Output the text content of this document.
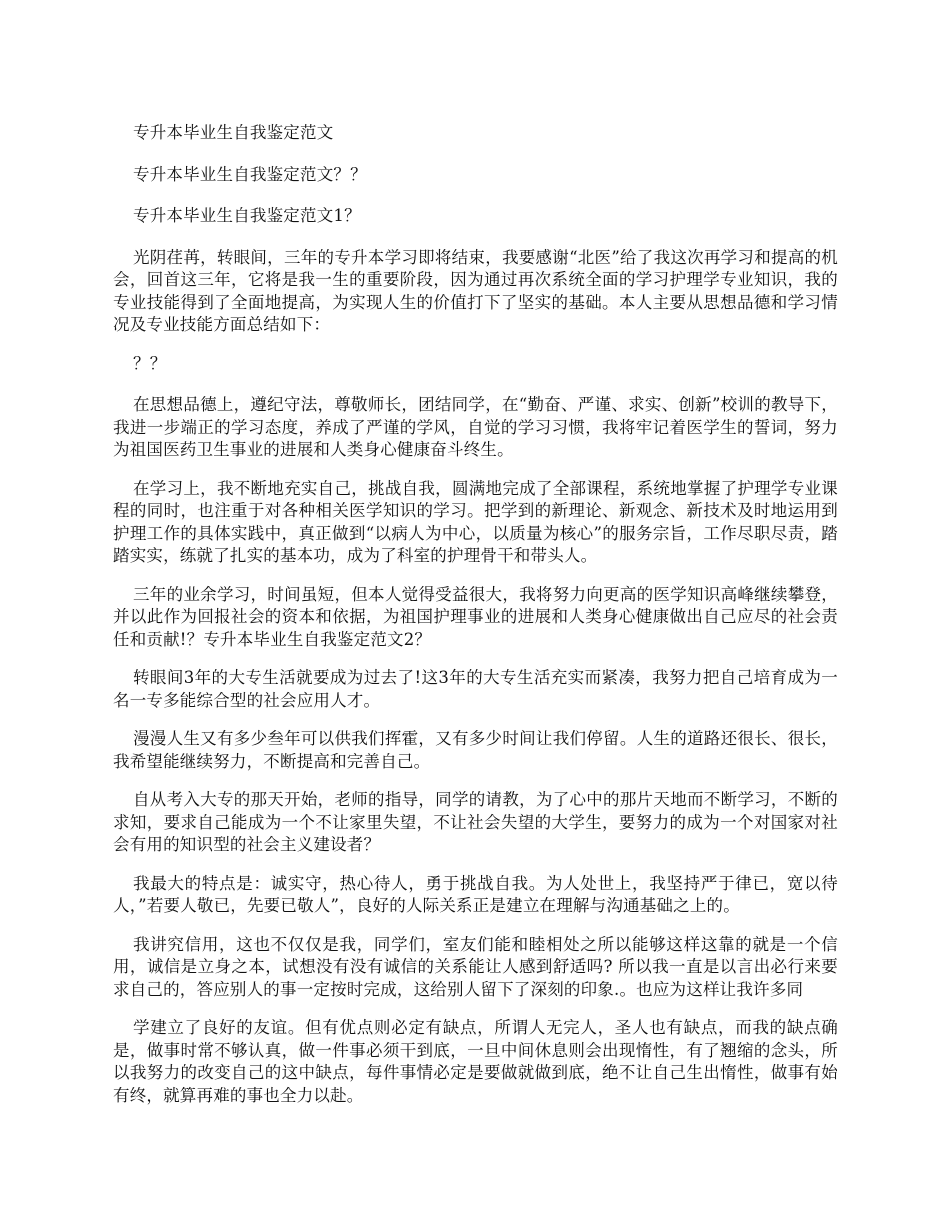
专升本毕业生自我鉴定范文

专升本毕业生自我鉴定范文？？

专升本毕业生自我鉴定范文1？

光阴荏苒，转眼间，三年的专升本学习即将结束，我要感谢“北医”给了我这次再学习和提高的机会，回首这三年，它将是我一生的重要阶段，因为通过再次系统全面的学习护理学专业知识，我的专业技能得到了全面地提高，为实现人生的价值打下了坚实的基础。本人主要从思想品德和学习情况及专业技能方面总结如下：

？？

在思想品德上，遵纪守法，尊敬师长，团结同学，在“勤奋、严谨、求实、创新”校训的教导下，我进一步端正的学习态度，养成了严谨的学风，自觉的学习习惯，我将牢记着医学生的誓词，努力为祖国医药卫生事业的进展和人类身心健康奋斗终生。

在学习上，我不断地充实自己，挑战自我，圆满地完成了全部课程，系统地掌握了护理学专业课程的同时，也注重于对各种相关医学知识的学习。把学到的新理论、新观念、新技术及时地运用到护理工作的具体实践中，真正做到“以病人为中心，以质量为核心”的服务宗旨，工作尽职尽责，踏踏实实，练就了扎实的基本功，成为了科室的护理骨干和带头人。

三年的业余学习，时间虽短，但本人觉得受益很大，我将努力向更高的医学知识高峰继续攀登，并以此作为回报社会的资本和依据，为祖国护理事业的进展和人类身心健康做出自己应尽的社会责任和贡献!？专升本毕业生自我鉴定范文2？

转眼间3年的大专生活就要成为过去了!这3年的大专生活充实而紧凑，我努力把自己培育成为一名一专多能综合型的社会应用人才。

漫漫人生又有多少叁年可以供我们挥霍，又有多少时间让我们停留。人生的道路还很长、很长，我希望能继续努力，不断提高和完善自己。

自从考入大专的那天开始，老师的指导，同学的请教，为了心中的那片天地而不断学习，不断的求知，要求自己能成为一个不让家里失望，不让社会失望的大学生，要努力的成为一个对国家对社会有用的知识型的社会主义建设者？

我最大的特点是：诚实守，热心待人，勇于挑战自我。为人处世上，我坚持严于律已，宽以待人，”若要人敬已，先要已敬人”，良好的人际关系正是建立在理解与沟通基础之上的。

我讲究信用，这也不仅仅是我，同学们，室友们能和睦相处之所以能够这样这靠的就是一个信用，诚信是立身之本，试想没有没有诚信的关系能让人感到舒适吗? 所以我一直是以言出必行来要求自己的，答应别人的事一定按时完成，这给别人留下了深刻的印象.。也应为这样让我许多同

学建立了良好的友谊。但有优点则必定有缺点，所谓人无完人，圣人也有缺点，而我的缺点确是，做事时常不够认真，做一件事必须干到底，一旦中间休息则会出现惰性，有了翘缩的念头，所以我努力的改变自己的这中缺点，每件事情必定是要做就做到底，绝不让自己生出惰性，做事有始有终，就算再难的事也全力以赴。
